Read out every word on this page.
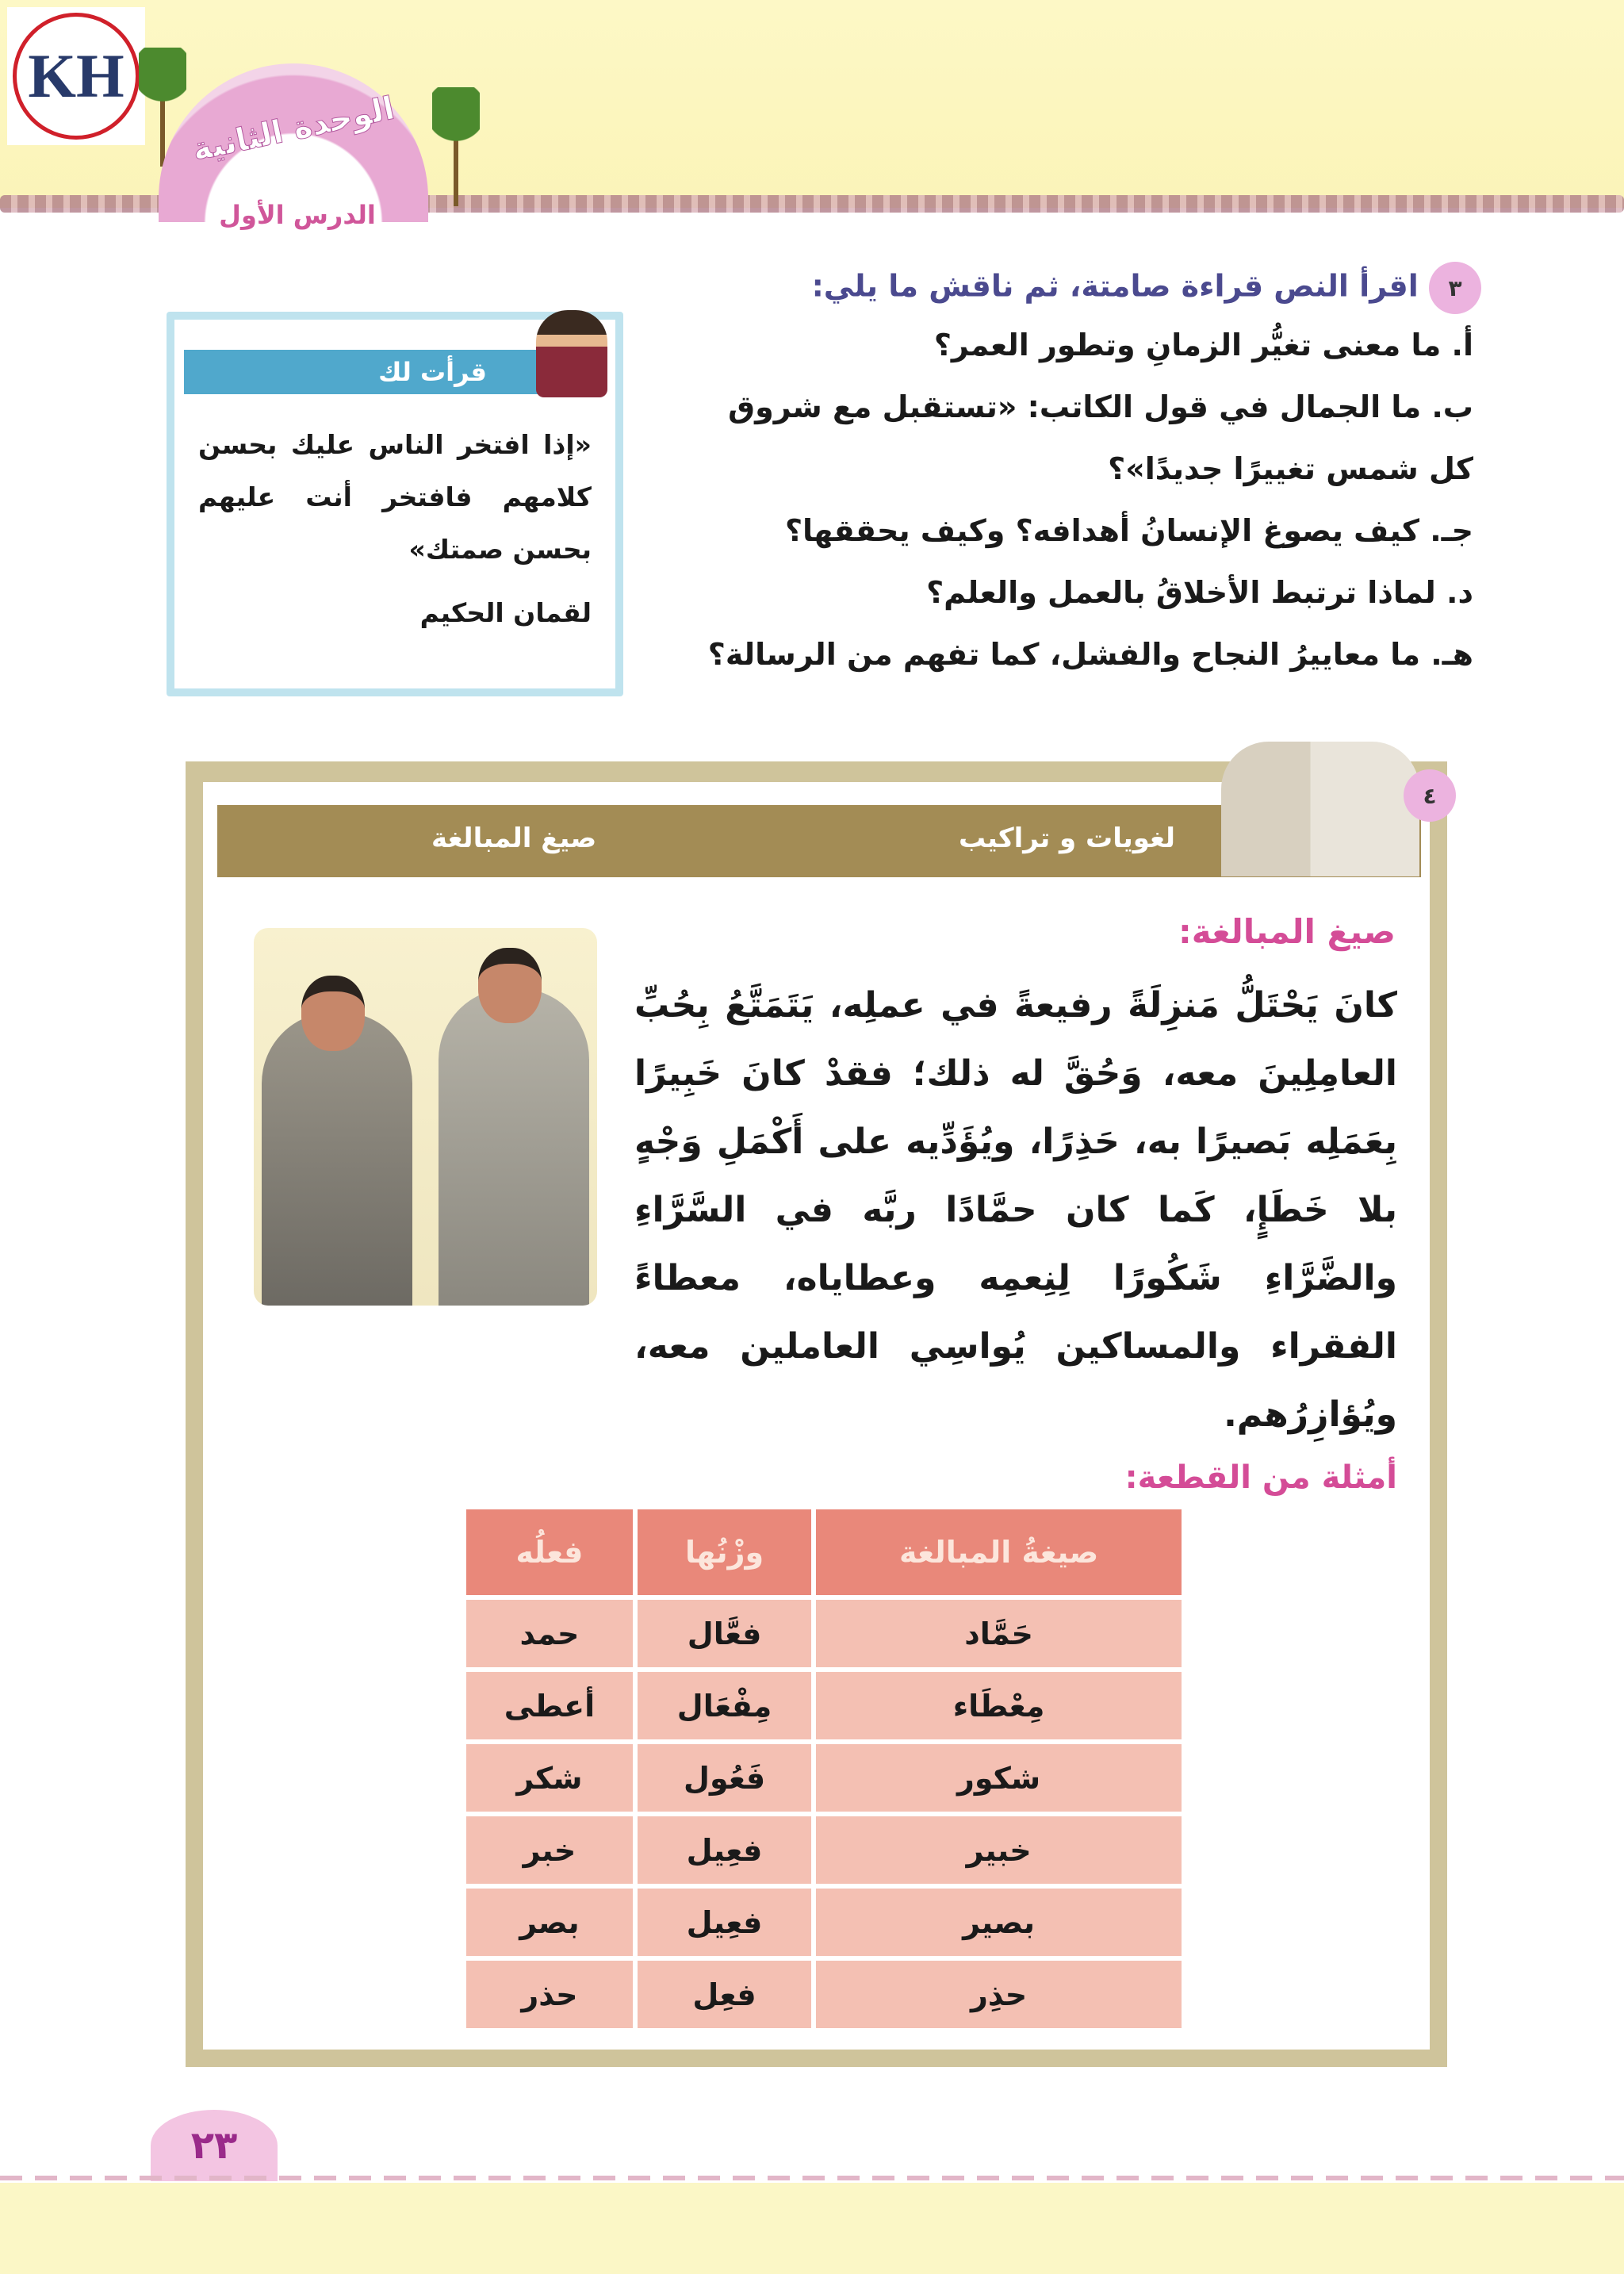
KH
الوحدة الثانية
الدرس الأول
٣ اقرأ النص قراءة صامتة، ثم ناقش ما يلي:
أ. ما معنى تغيُّر الزمانِ وتطور العمر؟
ب. ما الجمال في قول الكاتب: «تستقبل مع شروق كل شمس تغييرًا جديدًا»؟
جـ. كيف يصوغ الإنسانُ أهدافه؟ وكيف يحققها؟
د. لماذا ترتبط الأخلاقُ بالعمل والعلم؟
هـ. ما معاييرُ النجاح والفشل، كما تفهم من الرسالة؟
قرأت لك
«إذا افتخر الناس عليك بحسن كلامهم فافتخر أنت عليهم بحسن صمتك»
لقمان الحكيم
لغويات و تراكيب
صيغ المبالغة
٤
صيغ المبالغة:
كانَ يَحْتَلُّ مَنزِلَةً رفيعةً في عملِه، يَتَمَتَّعُ بِحُبِّ العامِلِينَ معه، وَحُقَّ له ذلك؛ فقدْ كانَ خَبِيرًا بِعَمَلِه بَصيرًا به، حَذِرًا، ويُؤَدِّيه على أَكْمَلِ وَجْهٍ بلا خَطَإٍ، كَما كان حمَّادًا ربَّه في السَّرَّاءِ والضَّرَّاءِ شَكُورًا لِنِعمِه وعطاياه، معطاءً الفقراء والمساكين يُواسِي العاملين معه، ويُؤازِرُهم.
أمثلة من القطعة:
صيغةُ المبالغة	وزْنُها	فعلُه
حَمَّاد	فعَّال	حمد
مِعْطَاء	مِفْعَال	أعطى
شكور	فَعُول	شكر
خبير	فعِيل	خبر
بصير	فعِيل	بصر
حذِر	فعِل	حذر
٢٣
